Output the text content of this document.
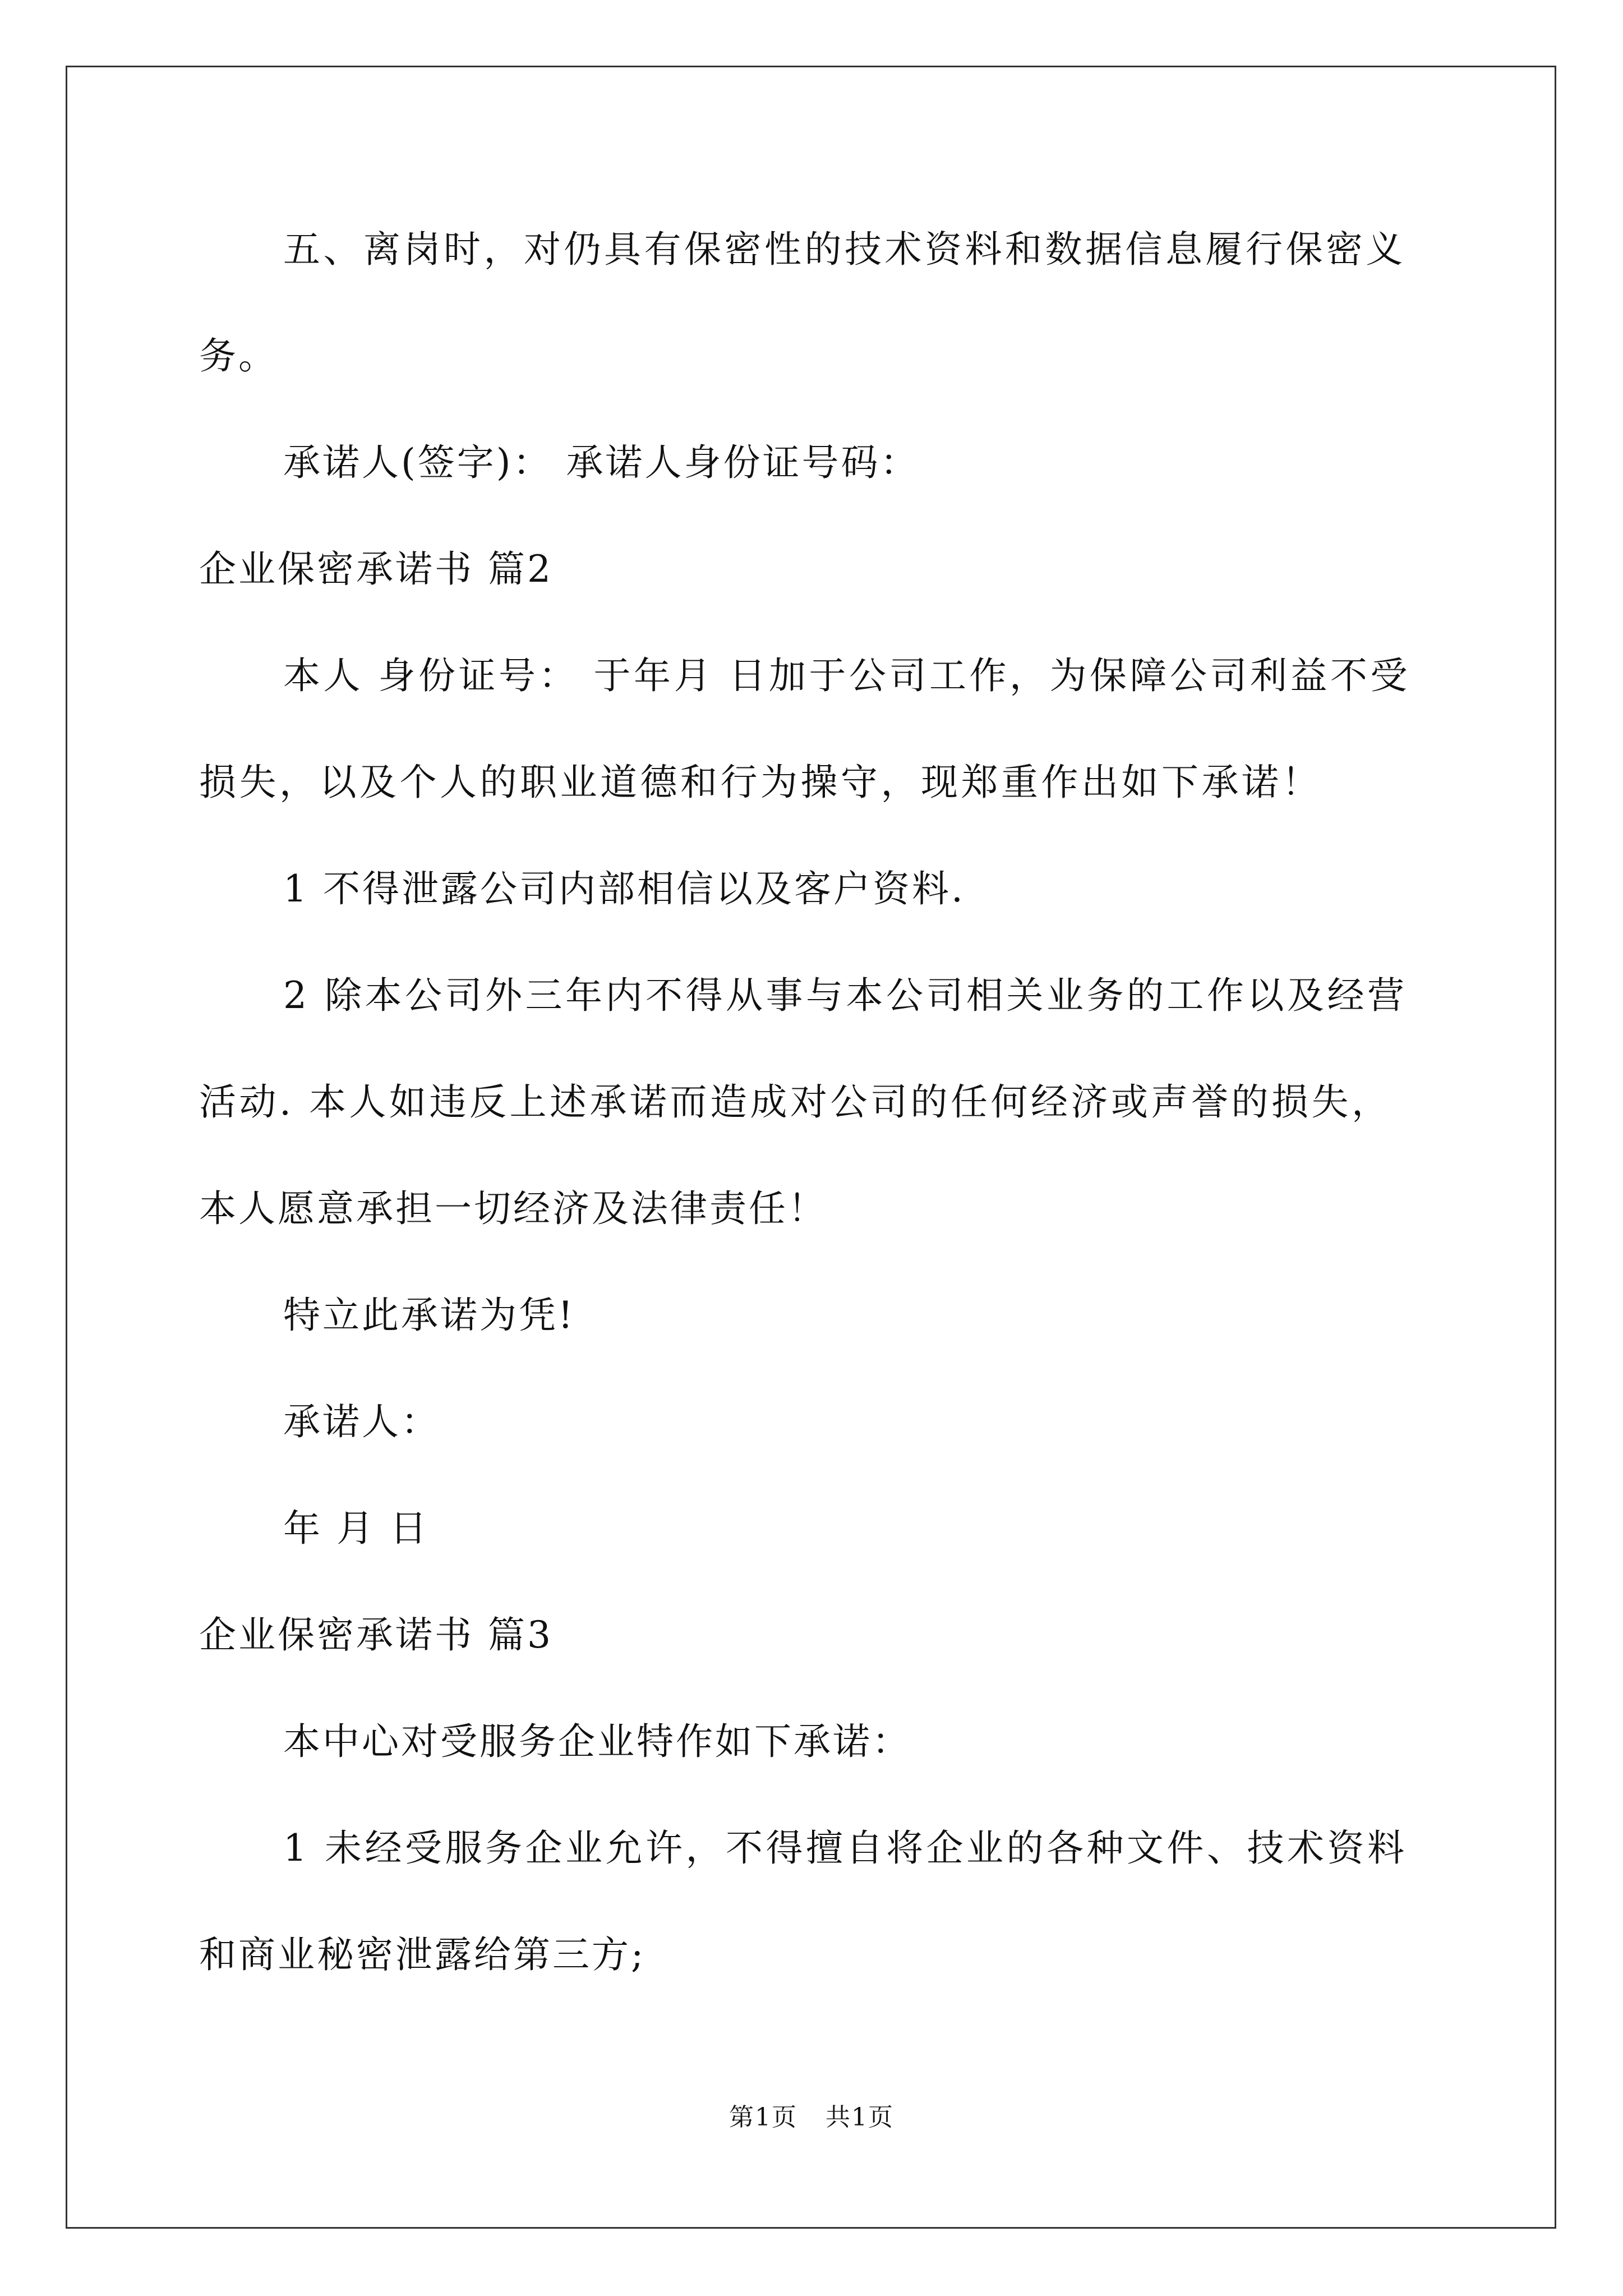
五、离岗时，对仍具有保密性的技术资料和数据信息履行保密义
务。
承诺人(签字)： 承诺人身份证号码：
企业保密承诺书 篇2
本人 身份证号： 于年月 日加于公司工作，为保障公司利益不受
损失，以及个人的职业道德和行为操守，现郑重作出如下承诺！
1 不得泄露公司内部相信以及客户资料.
2 除本公司外三年内不得从事与本公司相关业务的工作以及经营
活动. 本人如违反上述承诺而造成对公司的任何经济或声誉的损失，
本人愿意承担一切经济及法律责任！
特立此承诺为凭!
承诺人：
年 月 日
企业保密承诺书 篇3
本中心对受服务企业特作如下承诺：
1 未经受服务企业允许，不得擅自将企业的各种文件、技术资料
和商业秘密泄露给第三方;
第1页 共1页
